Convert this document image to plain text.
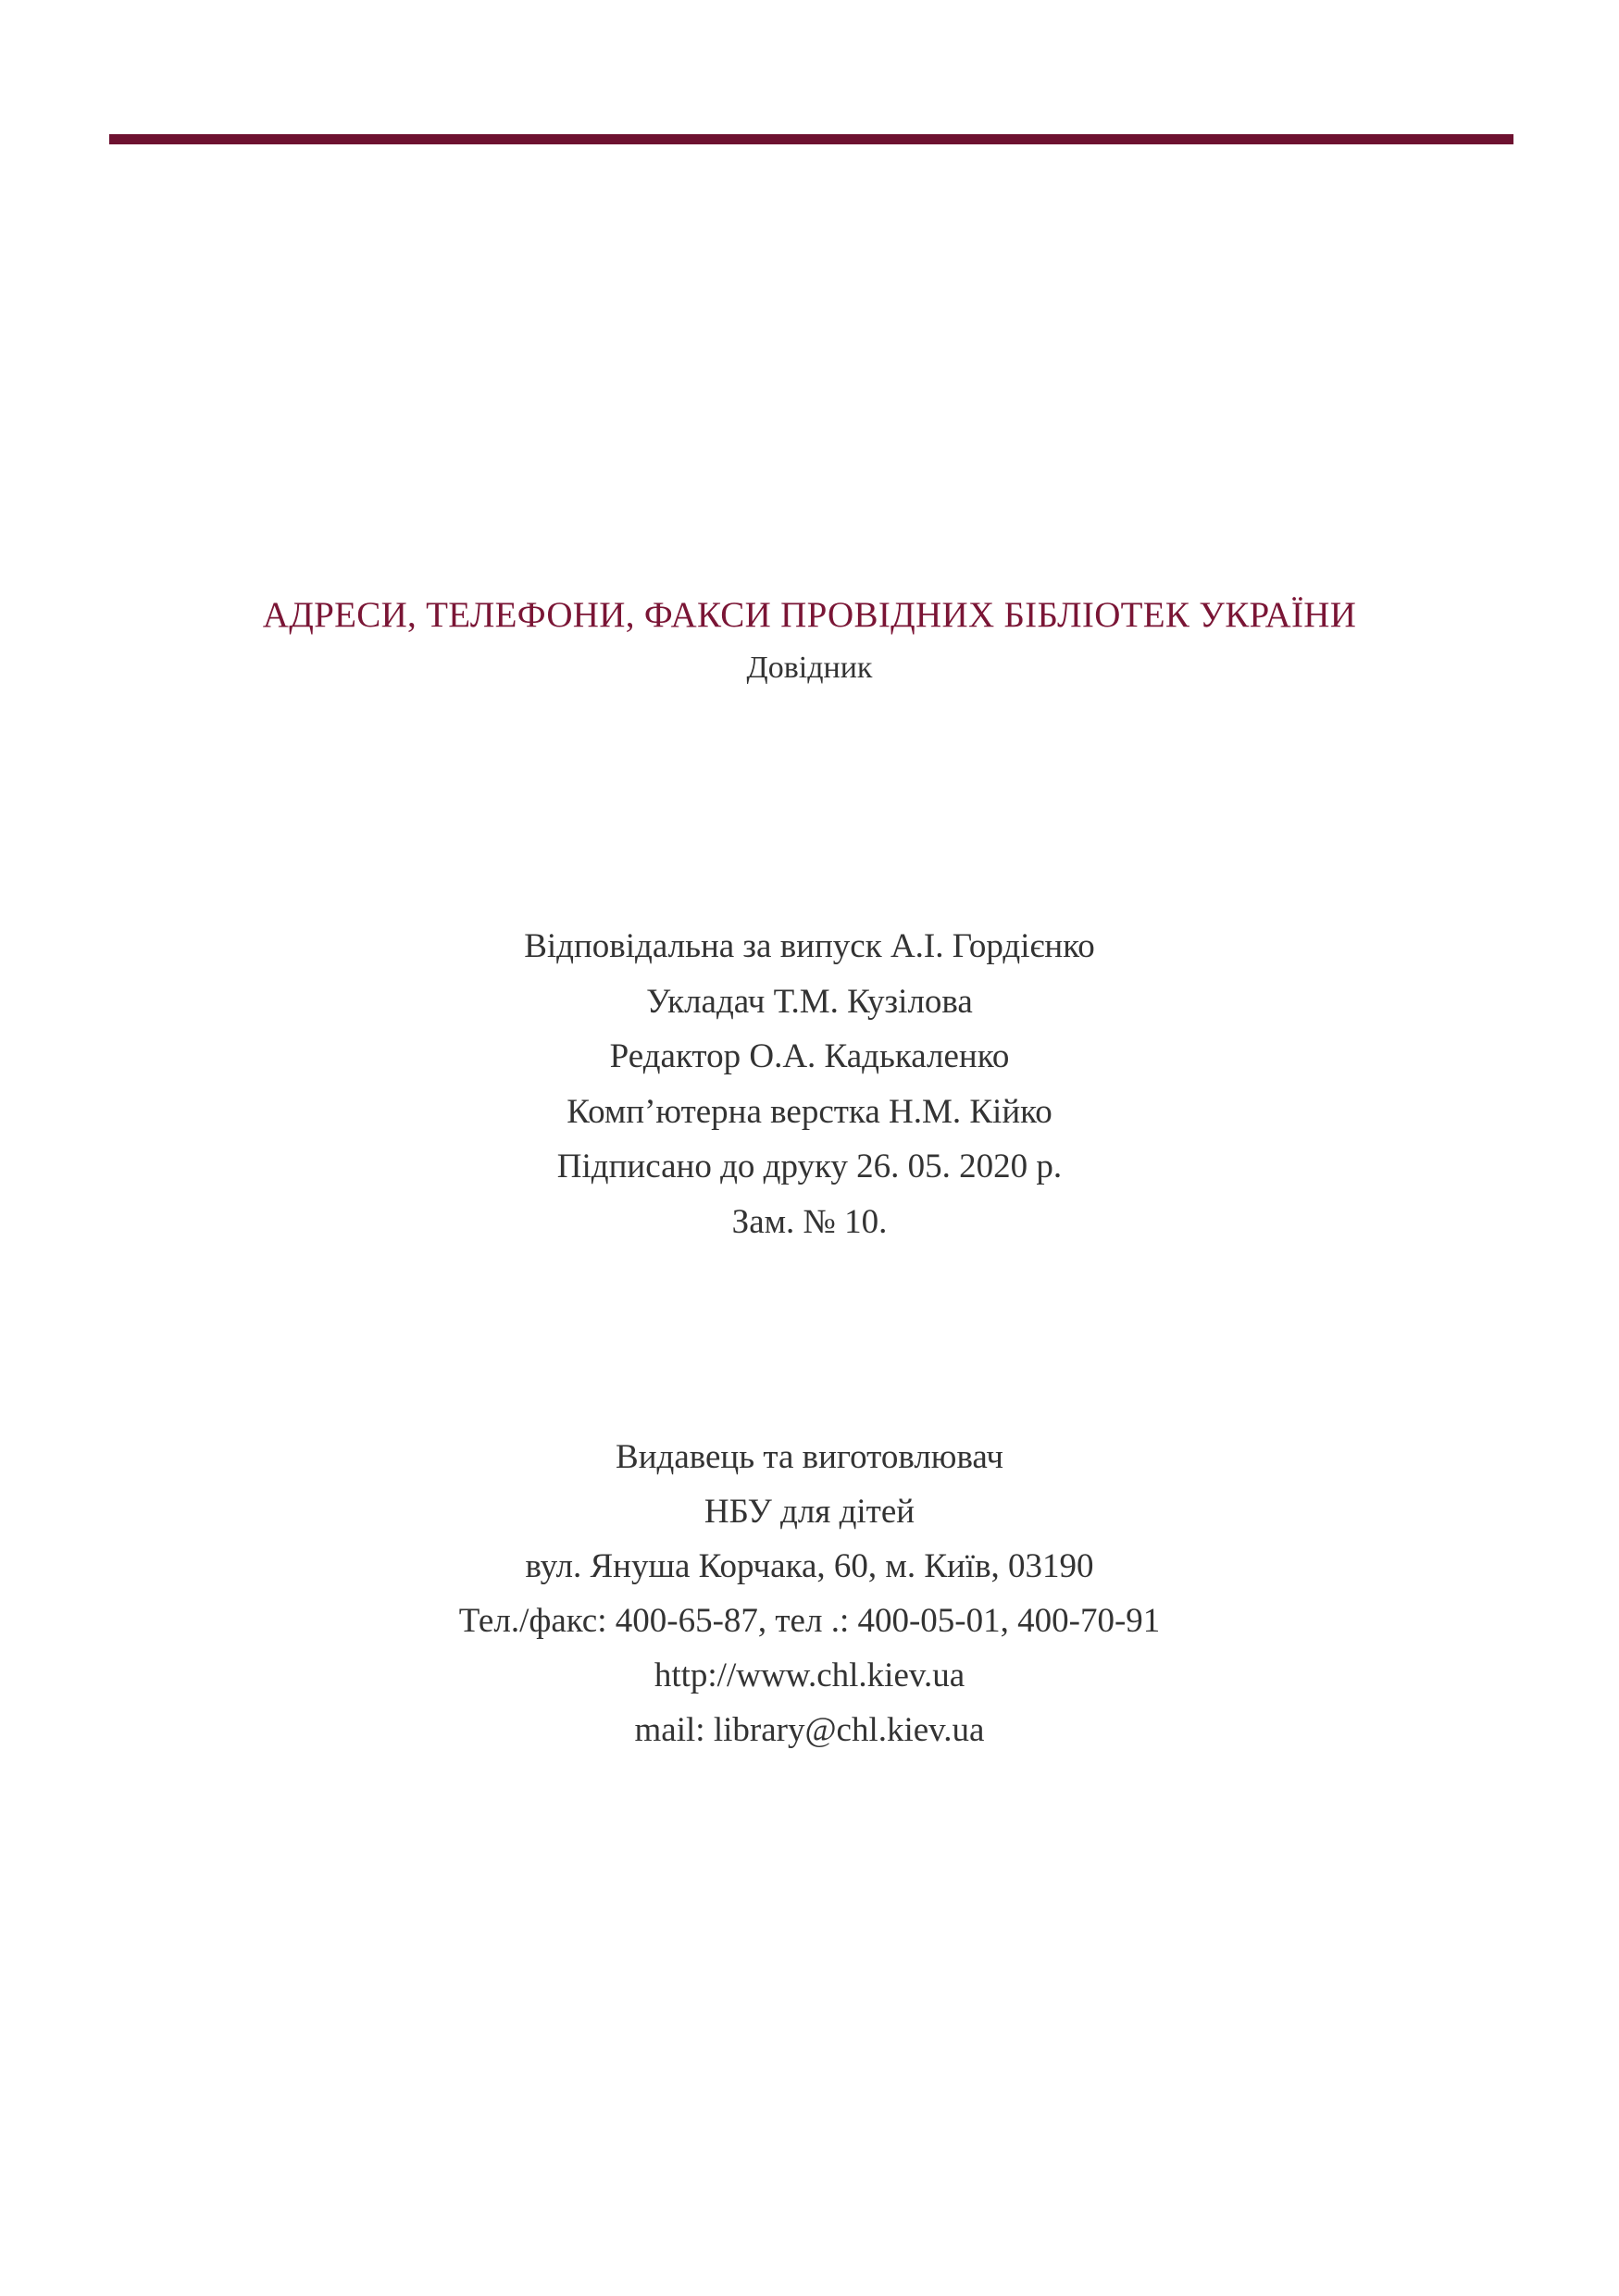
АДРЕСИ, ТЕЛЕФОНИ, ФАКСИ ПРОВІДНИХ БІБЛІОТЕК УКРАЇНИ
Довідник
Відповідальна за випуск А.І. Гордієнко
Укладач Т.М. Кузілова
Редактор О.А. Кадькаленко
Комп’ютерна верстка Н.М. Кійко
Підписано до друку 26. 05. 2020 р.
Зам. № 10.
Видавець та виготовлювач
НБУ для дітей
вул. Януша Корчака, 60, м. Київ, 03190
Тел./факс: 400-65-87, тел .: 400-05-01, 400-70-91
http://www.chl.kiev.ua
mail: library@chl.kiev.ua
